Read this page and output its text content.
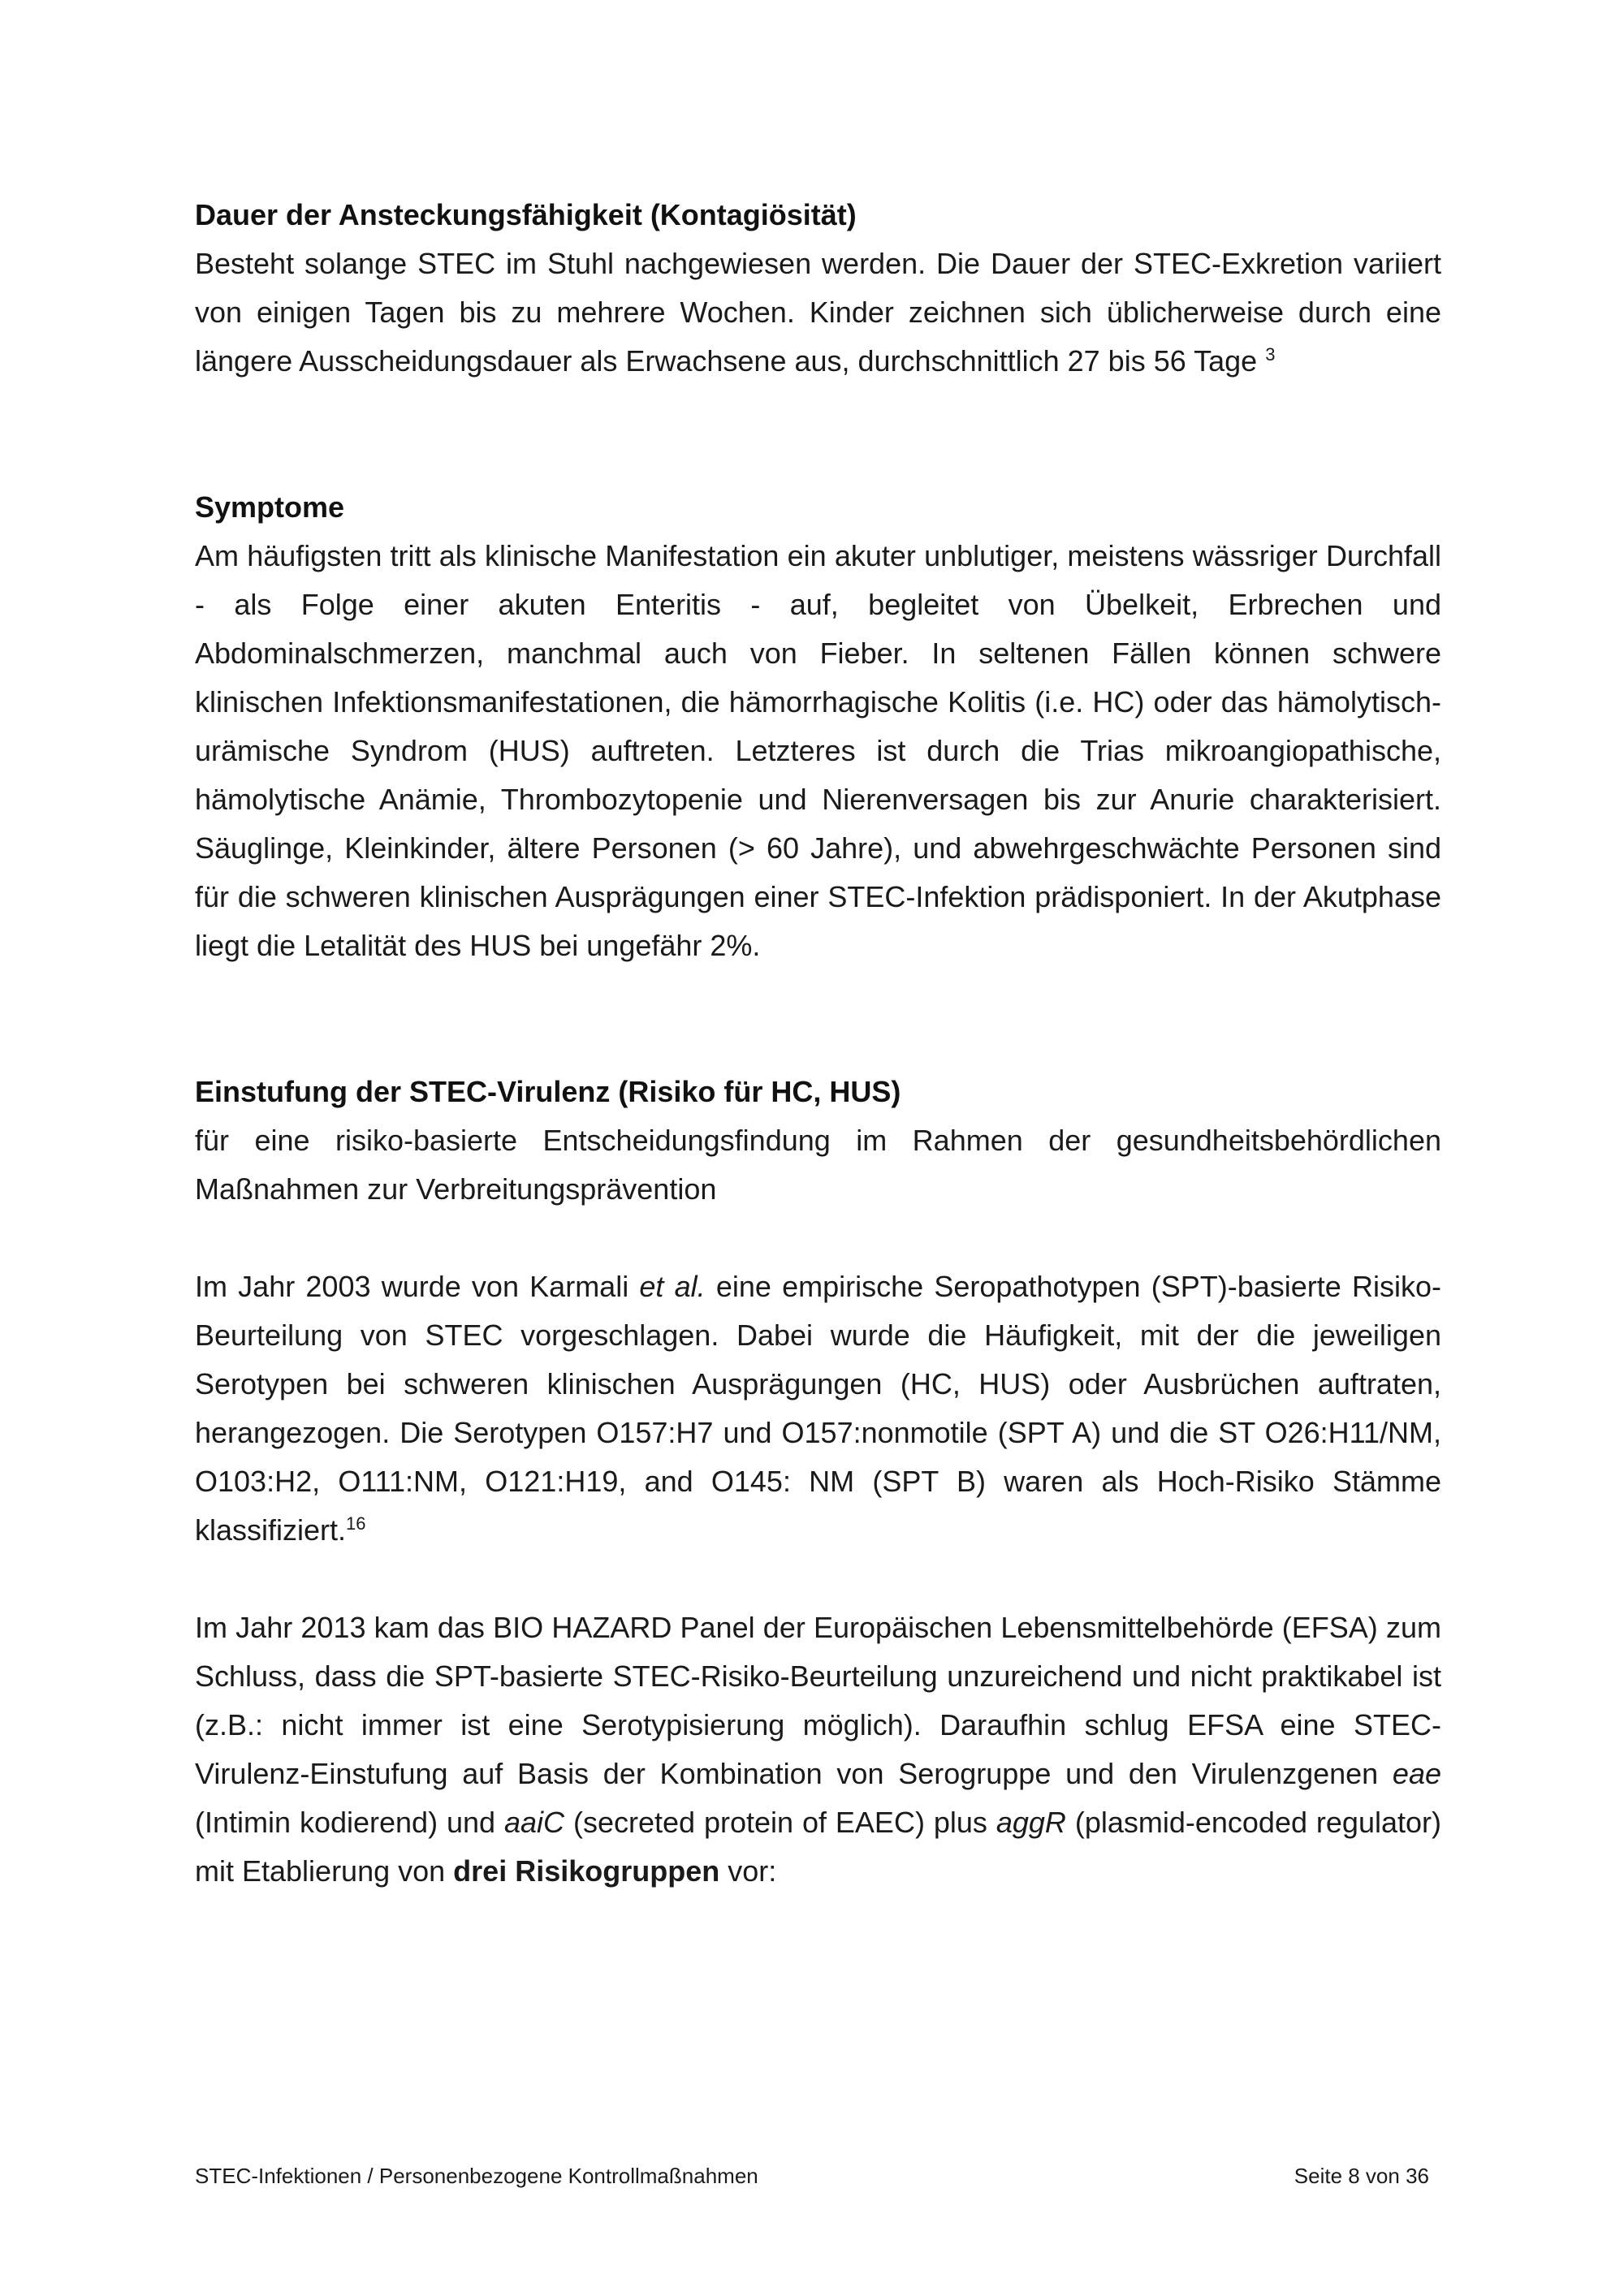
Dauer der Ansteckungsfähigkeit (Kontagiösität)

Besteht solange STEC im Stuhl nachgewiesen werden. Die Dauer der STEC-Exkretion variiert von einigen Tagen bis zu mehrere Wochen. Kinder zeichnen sich üblicherweise durch eine längere Ausscheidungsdauer als Erwachsene aus, durchschnittlich 27 bis 56 Tage $^3$

Symptome

Am häufigsten tritt als klinische Manifestation ein akuter unblutiger, meistens wässriger Durchfall - als Folge einer akuten Enteritis - auf, begleitet von Übelkeit, Erbrechen und Abdominalschmerzen, manchmal auch von Fieber. In seltenen Fällen können schwere klinischen Infektionsmanifestationen, die hämorrhagische Kolitis (i.e. HC) oder das hämolytisch-urämische Syndrom (HUS) auftreten. Letzteres ist durch die Trias mikroangiopathische, hämolytische Anämie, Thrombozytopenie und Nierenversagen bis zur Anurie charakterisiert. Säuglinge, Kleinkinder, ältere Personen (> 60 Jahre), und abwehrgeschwächte Personen sind für die schweren klinischen Ausprägungen einer STEC-Infektion prädisponiert. In der Akutphase liegt die Letalität des HUS bei ungefähr 2%.

Einstufung der STEC-Virulenz (Risiko für HC, HUS)

für eine risiko-basierte Entscheidungsfindung im Rahmen der gesundheitsbehördlichen Maßnahmen zur Verbreitungsprävention

Im Jahr 2003 wurde von Karmali et al. eine empirische Seropathotypen (SPT)-basierte Risiko-Beurteilung von STEC vorgeschlagen. Dabei wurde die Häufigkeit, mit der die jeweiligen Serotypen bei schweren klinischen Ausprägungen (HC, HUS) oder Ausbrüchen auftraten, herangezogen. Die Serotypen O157:H7 und O157:nonmotile (SPT A) und die ST O26:H11/NM, O103:H2, O111:NM, O121:H19, and O145: NM (SPT B) waren als Hoch-Risiko Stämme klassifiziert.$^{16}$

Im Jahr 2013 kam das BIO HAZARD Panel der Europäischen Lebensmittelbehörde (EFSA) zum Schluss, dass die SPT-basierte STEC-Risiko-Beurteilung unzureichend und nicht praktikabel ist (z.B.: nicht immer ist eine Serotypisierung möglich). Daraufhin schlug EFSA eine STEC-Virulenz-Einstufung auf Basis der Kombination von Serogruppe und den Virulenzgenen eae (Intimin kodierend) und aaiC (secreted protein of EAEC) plus aggR (plasmid-encoded regulator) mit Etablierung von drei Risikogruppen vor:

STEC-Infektionen / Personenbezogene Kontrollmaßnahmen	Seite 8 von 36
